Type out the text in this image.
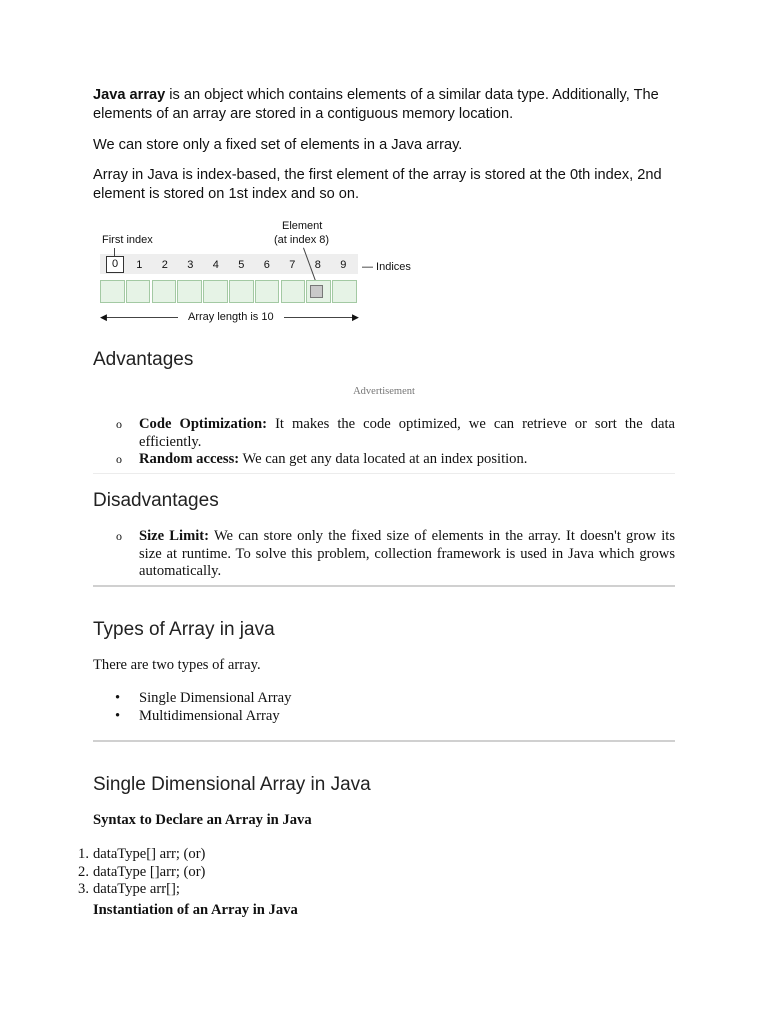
Java array is an object which contains elements of a similar data type. Additionally, The elements of an array are stored in a contiguous memory location.

We can store only a fixed set of elements in a Java array.

Array in Java is index-based, the first element of the array is stored at the 0th index, 2nd element is stored on 1st index and so on.

Advantages
Advertisement
o Code Optimization: It makes the code optimized, we can retrieve or sort the data efficiently.
o Random access: We can get any data located at an index position.
Disadvantages
o Size Limit: We can store only the fixed size of elements in the array. It doesn't grow its size at runtime. To solve this problem, collection framework is used in Java which grows automatically.
Types of Array in java

There are two types of array.

• Single Dimensional Array
• Multidimensional Array
Single Dimensional Array in Java
Syntax to Declare an Array in Java
1. dataType[] arr; (or)
2. dataType []arr; (or)
3. dataType arr[];
Instantiation of an Array in Java
First index
Element
(at index 8)
0	1	2	3	4	5	6	7	8	9	— Indices
◀	Array length is 10	▶
